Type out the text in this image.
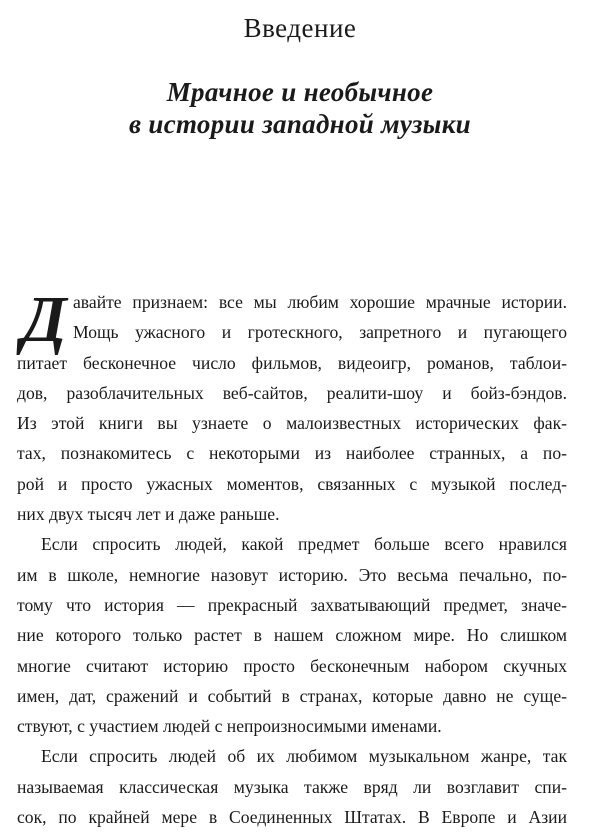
Введение
Мрачное и необычное
в истории западной музыки
Д авайте признаем: все мы любим хорошие мрачные истории.
Мощь ужасного и гротескного, запретного и пугающего
питает бесконечное число фильмов, видеоигр, романов, таблои-
дов, разоблачительных веб-сайтов, реалити-шоу и бойз-бэндов.
Из этой книги вы узнаете о малоизвестных исторических фак-
тах, познакомитесь с некоторыми из наиболее странных, а по-
рой и просто ужасных моментов, связанных с музыкой послед-
них двух тысяч лет и даже раньше.
Если спросить людей, какой предмет больше всего нравился
им в школе, немногие назовут историю. Это весьма печально, по-
тому что история — прекрасный захватывающий предмет, значе-
ние которого только растет в нашем сложном мире. Но слишком
многие считают историю просто бесконечным набором скучных
имен, дат, сражений и событий в странах, которые давно не суще-
ствуют, с участием людей с непроизносимыми именами.
Если спросить людей об их любимом музыкальном жанре, так
называемая классическая музыка также вряд ли возглавит спи-
сок, по крайней мере в Соединенных Штатах. В Европе и Азии
